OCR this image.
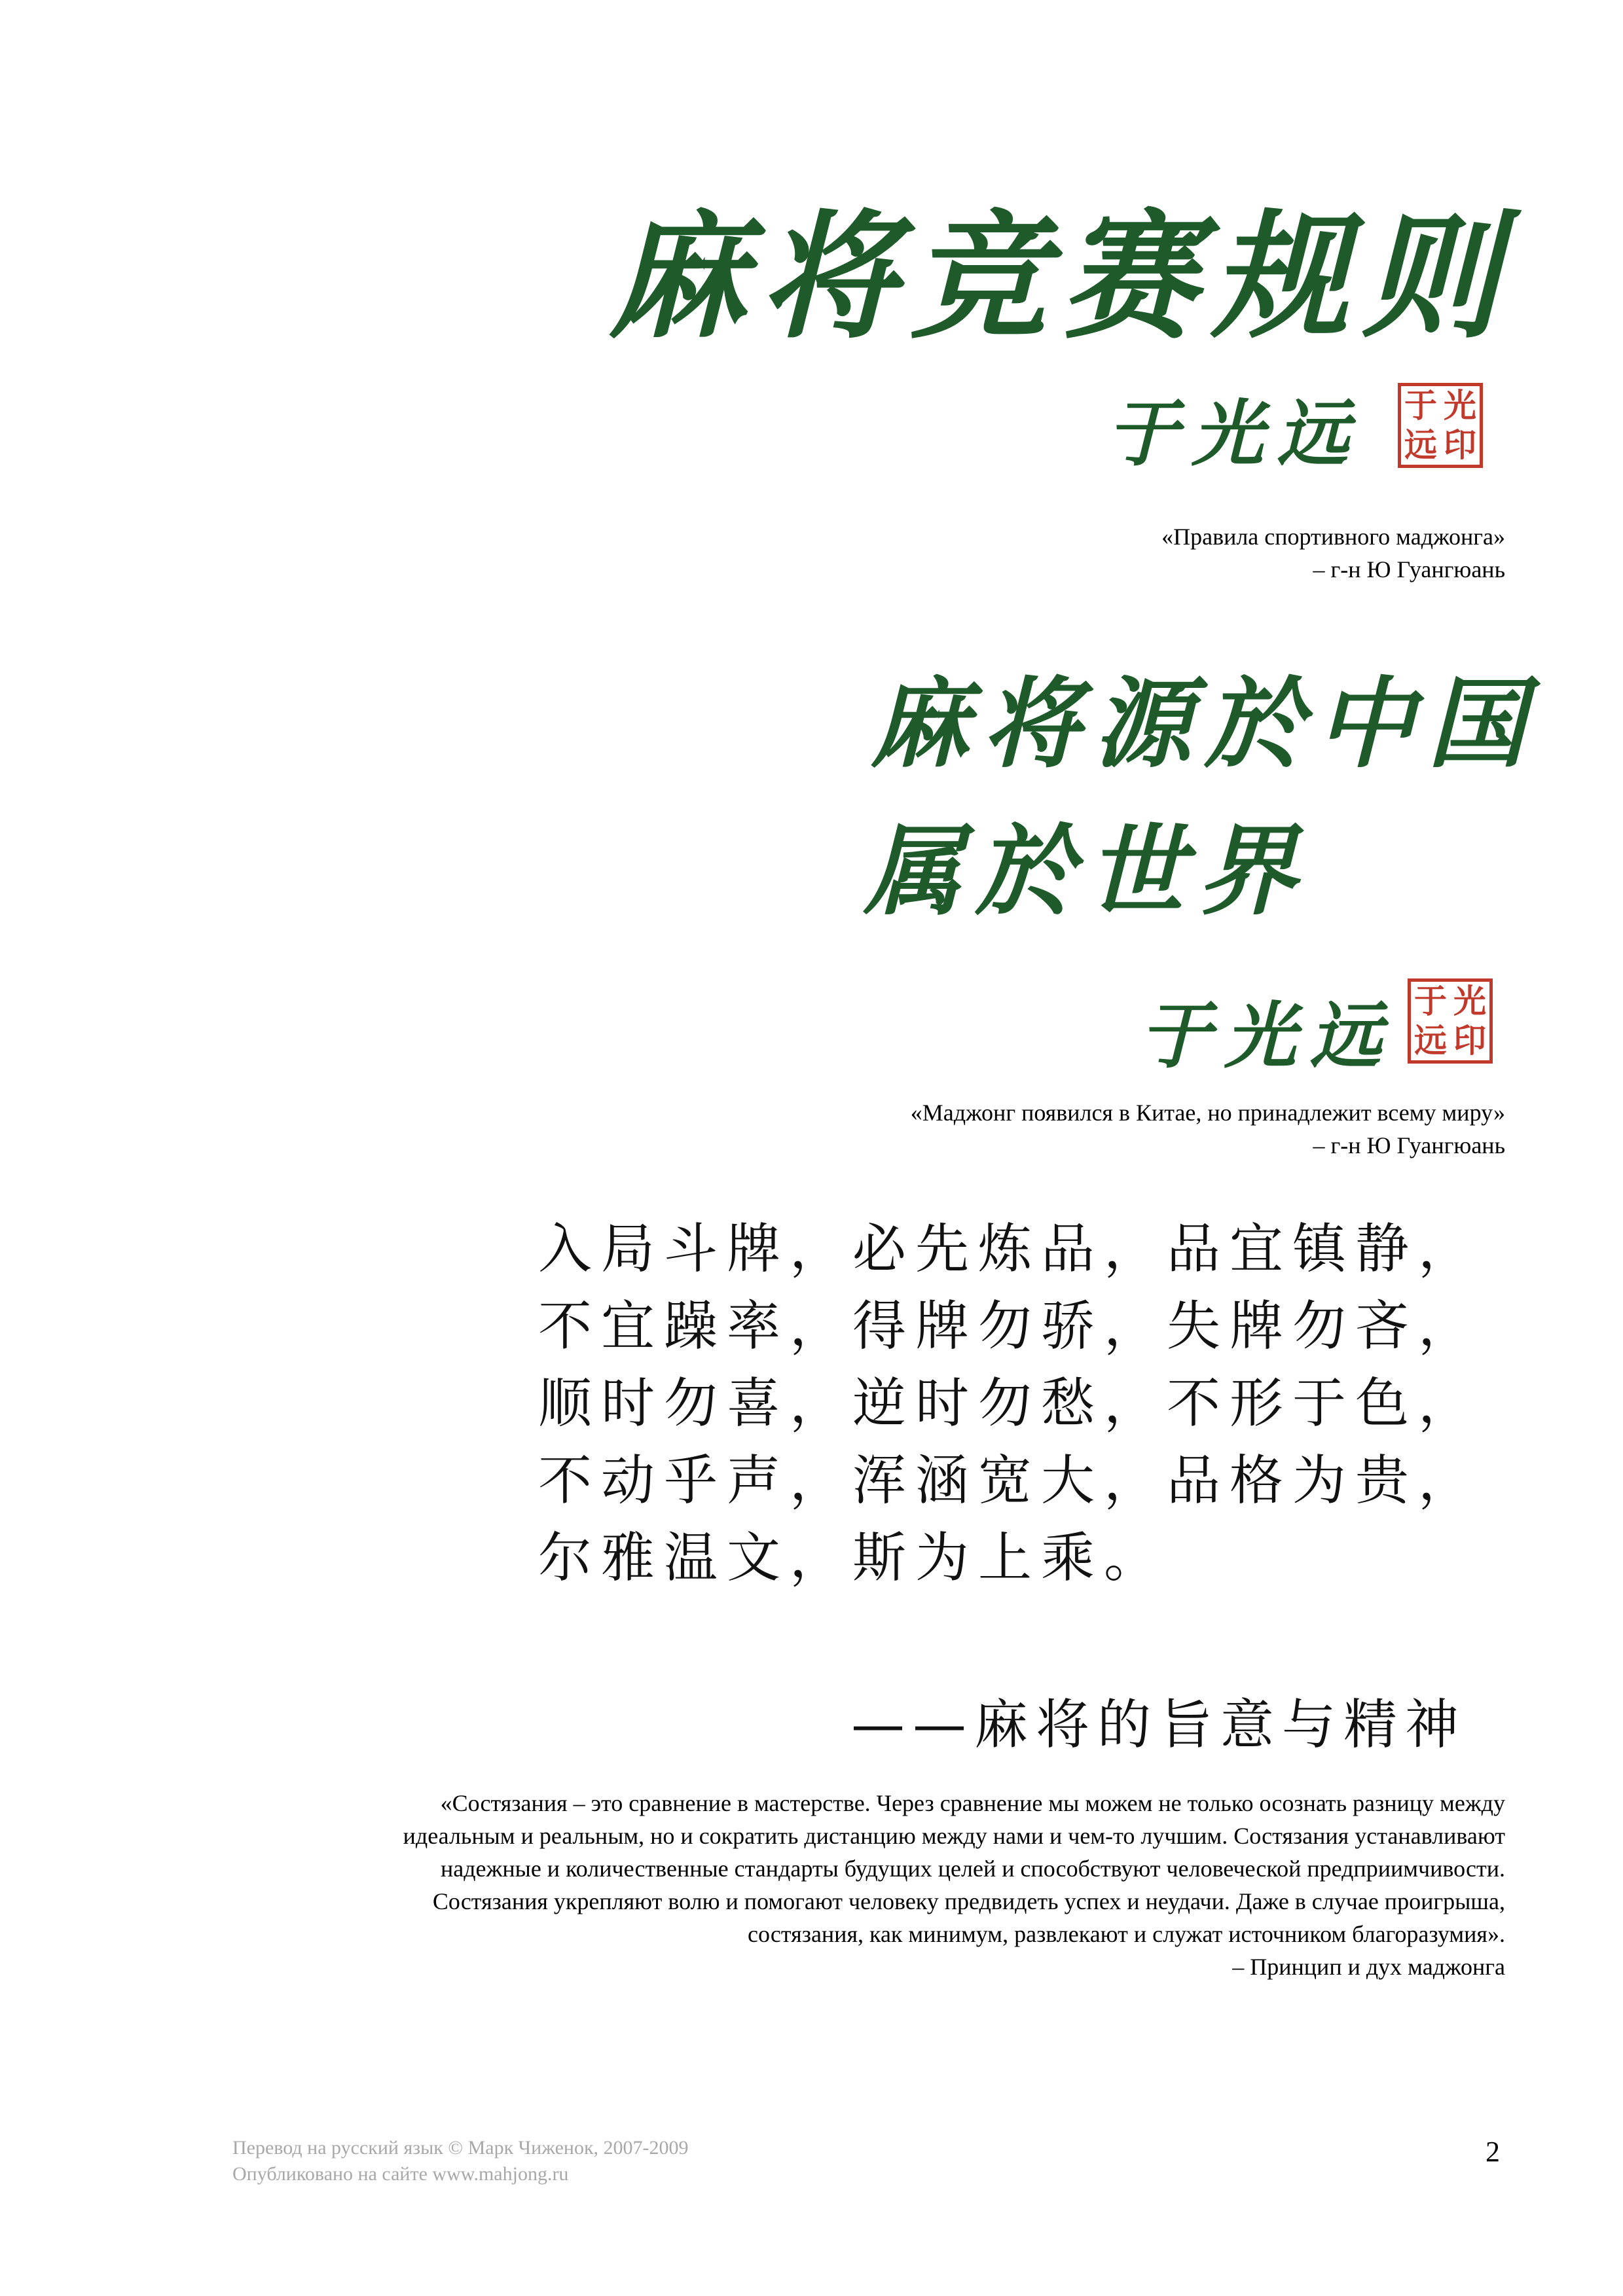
麻将竞赛规则
于光远 于 光
远 印
«Правила спортивного маджонга»
– г-н Ю Гуангюань
麻将源於中国
属於世界
于光远 于 光
远 印
«Маджонг появился в Китае, но принадлежит всему миру»
– г-н Ю Гуангюань
入局斗牌，必先炼品，品宜镇静，
不宜躁率，得牌勿骄，失牌勿吝，
顺时勿喜，逆时勿愁，不形于色，
不动乎声，浑涵宽大，品格为贵，
尔雅温文，斯为上乘。
——麻将的旨意与精神
«Состязания – это сравнение в мастерстве. Через сравнение мы можем не только осознать разницу между
идеальным и реальным, но и сократить дистанцию между нами и чем-то лучшим. Состязания устанавливают
надежные и количественные стандарты будущих целей и способствуют человеческой предприимчивости.
Состязания укрепляют волю и помогают человеку предвидеть успех и неудачи. Даже в случае проигрыша,
состязания, как минимум, развлекают и служат источником благоразумия».
– Принцип и дух маджонга
Перевод на русский язык © Марк Чиженок, 2007-2009
Опубликовано на сайте www.mahjong.ru
2
